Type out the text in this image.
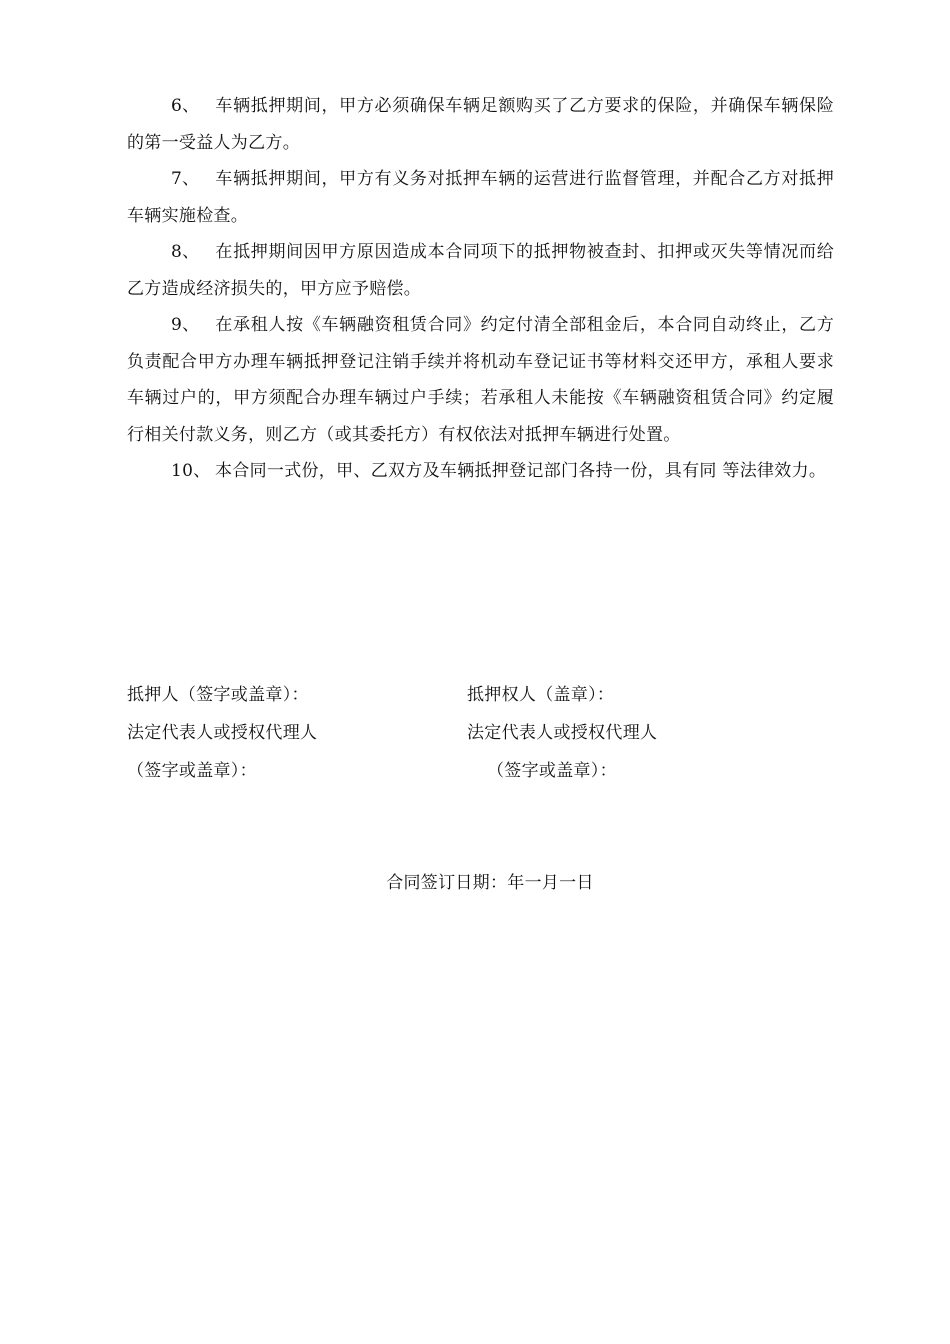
6、 车辆抵押期间，甲方必须确保车辆足额购买了乙方要求的保险，并确保车辆保险的第一受益人为乙方。

7、 车辆抵押期间，甲方有义务对抵押车辆的运营进行监督管理，并配合乙方对抵押车辆实施检查。

8、 在抵押期间因甲方原因造成本合同项下的抵押物被查封、扣押或灭失等情况而给乙方造成经济损失的，甲方应予赔偿。

9、 在承租人按《车辆融资租赁合同》约定付清全部租金后，本合同自动终止，乙方负责配合甲方办理车辆抵押登记注销手续并将机动车登记证书等材料交还甲方，承租人要求车辆过户的，甲方须配合办理车辆过户手续；若承租人未能按《车辆融资租赁合同》约定履行相关付款义务，则乙方（或其委托方）有权依法对抵押车辆进行处置。

10、 本合同一式份，甲、乙双方及车辆抵押登记部门各持一份，具有同 等法律效力。

抵押人（签字或盖章）：
法定代表人或授权代理人
（签字或盖章）：
抵押权人（盖章）：
法定代表人或授权代理人
（签字或盖章）：
合同签订日期：年一月一日
